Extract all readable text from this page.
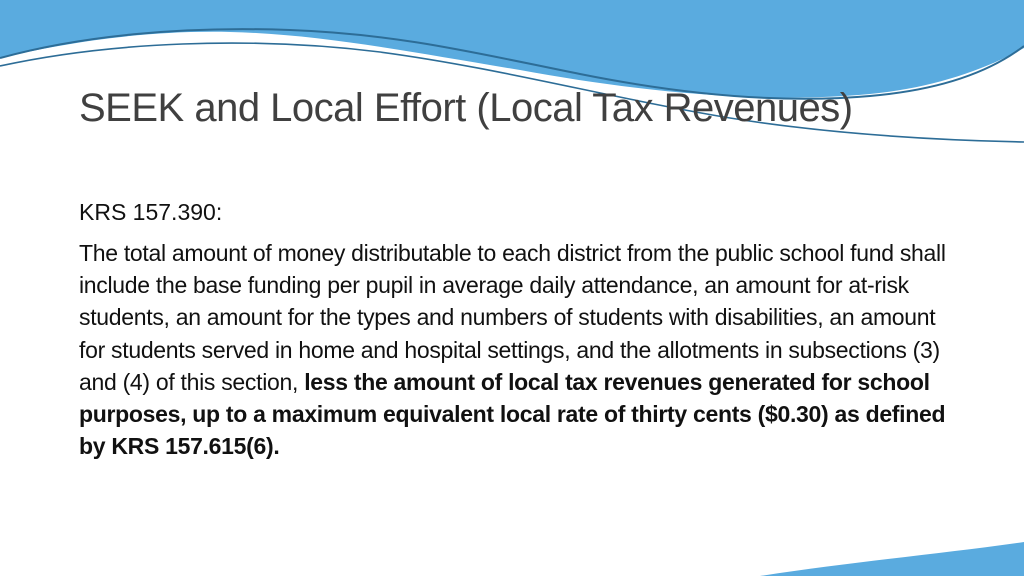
SEEK and Local Effort (Local Tax Revenues)

KRS 157.390:

The total amount of money distributable to each district from the public school fund shall include the base funding per pupil in average daily attendance, an amount for at-risk students, an amount for the types and numbers of students with disabilities, an amount for students served in home and hospital settings, and the allotments in subsections (3) and (4) of this section, less the amount of local tax revenues generated for school purposes, up to a maximum equivalent local rate of thirty cents ($0.30) as defined by KRS 157.615(6).
